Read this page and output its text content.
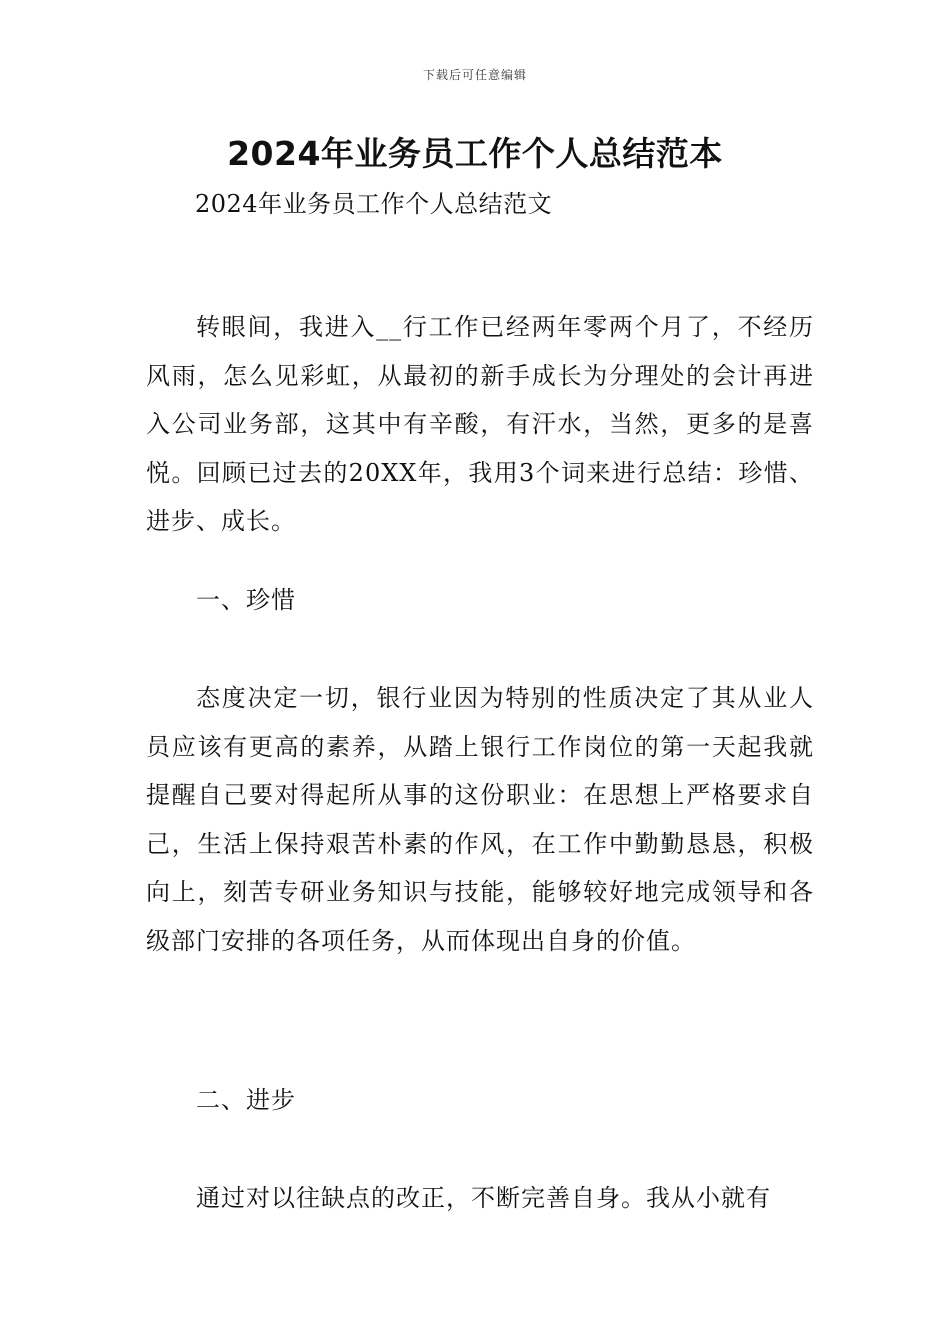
下载后可任意编辑
2024年业务员工作个人总结范本

2024年业务员工作个人总结范文

转眼间，我进入__行工作已经两年零两个月了，不经历风雨，怎么见彩虹，从最初的新手成长为分理处的会计再进入公司业务部，这其中有辛酸，有汗水，当然，更多的是喜悦。回顾已过去的20XX年，我用3个词来进行总结：珍惜、进步、成长。

一、珍惜

态度决定一切，银行业因为特别的性质决定了其从业人员应该有更高的素养，从踏上银行工作岗位的第一天起我就提醒自己要对得起所从事的这份职业：在思想上严格要求自己，生活上保持艰苦朴素的作风，在工作中勤勤恳恳，积极向上，刻苦专研业务知识与技能，能够较好地完成领导和各级部门安排的各项任务，从而体现出自身的价值。

二、进步

通过对以往缺点的改正，不断完善自身。我从小就有
